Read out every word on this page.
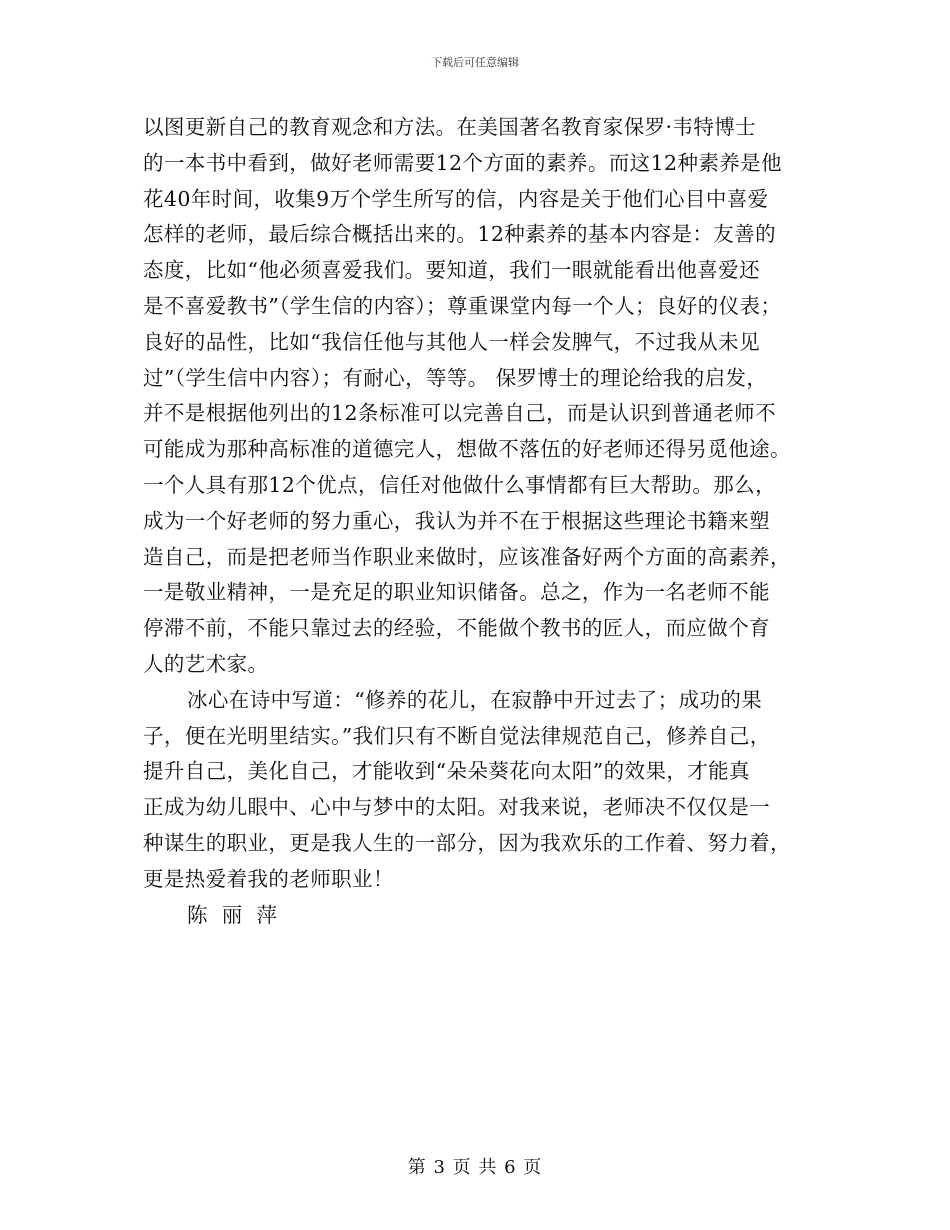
下载后可任意编辑
以图更新自己的教育观念和方法。在美国著名教育家保罗·韦特博士
的一本书中看到，做好老师需要12个方面的素养。而这12种素养是他
花40年时间，收集9万个学生所写的信，内容是关于他们心目中喜爱
怎样的老师，最后综合概括出来的。12种素养的基本内容是：友善的
态度，比如“他必须喜爱我们。要知道，我们一眼就能看出他喜爱还
是不喜爱教书”（学生信的内容）；尊重课堂内每一个人；良好的仪表；
良好的品性，比如“我信任他与其他人一样会发脾气，不过我从未见
过”（学生信中内容）；有耐心，等等。 保罗博士的理论给我的启发，
并不是根据他列出的12条标准可以完善自己，而是认识到普通老师不
可能成为那种高标准的道德完人，想做不落伍的好老师还得另觅他途。
一个人具有那12个优点，信任对他做什么事情都有巨大帮助。那么，
成为一个好老师的努力重心，我认为并不在于根据这些理论书籍来塑
造自己，而是把老师当作职业来做时，应该准备好两个方面的高素养，
一是敬业精神，一是充足的职业知识储备。总之，作为一名老师不能
停滞不前，不能只靠过去的经验，不能做个教书的匠人，而应做个育
人的艺术家。
冰心在诗中写道：“修养的花儿，在寂静中开过去了；成功的果
子，便在光明里结实。”我们只有不断自觉法律规范自己，修养自己，
提升自己，美化自己，才能收到“朵朵葵花向太阳”的效果，才能真
正成为幼儿眼中、心中与梦中的太阳。对我来说，老师决不仅仅是一
种谋生的职业，更是我人生的一部分，因为我欢乐的工作着、努力着，
更是热爱着我的老师职业！
陈  丽  萍
第 3 页 共 6 页
